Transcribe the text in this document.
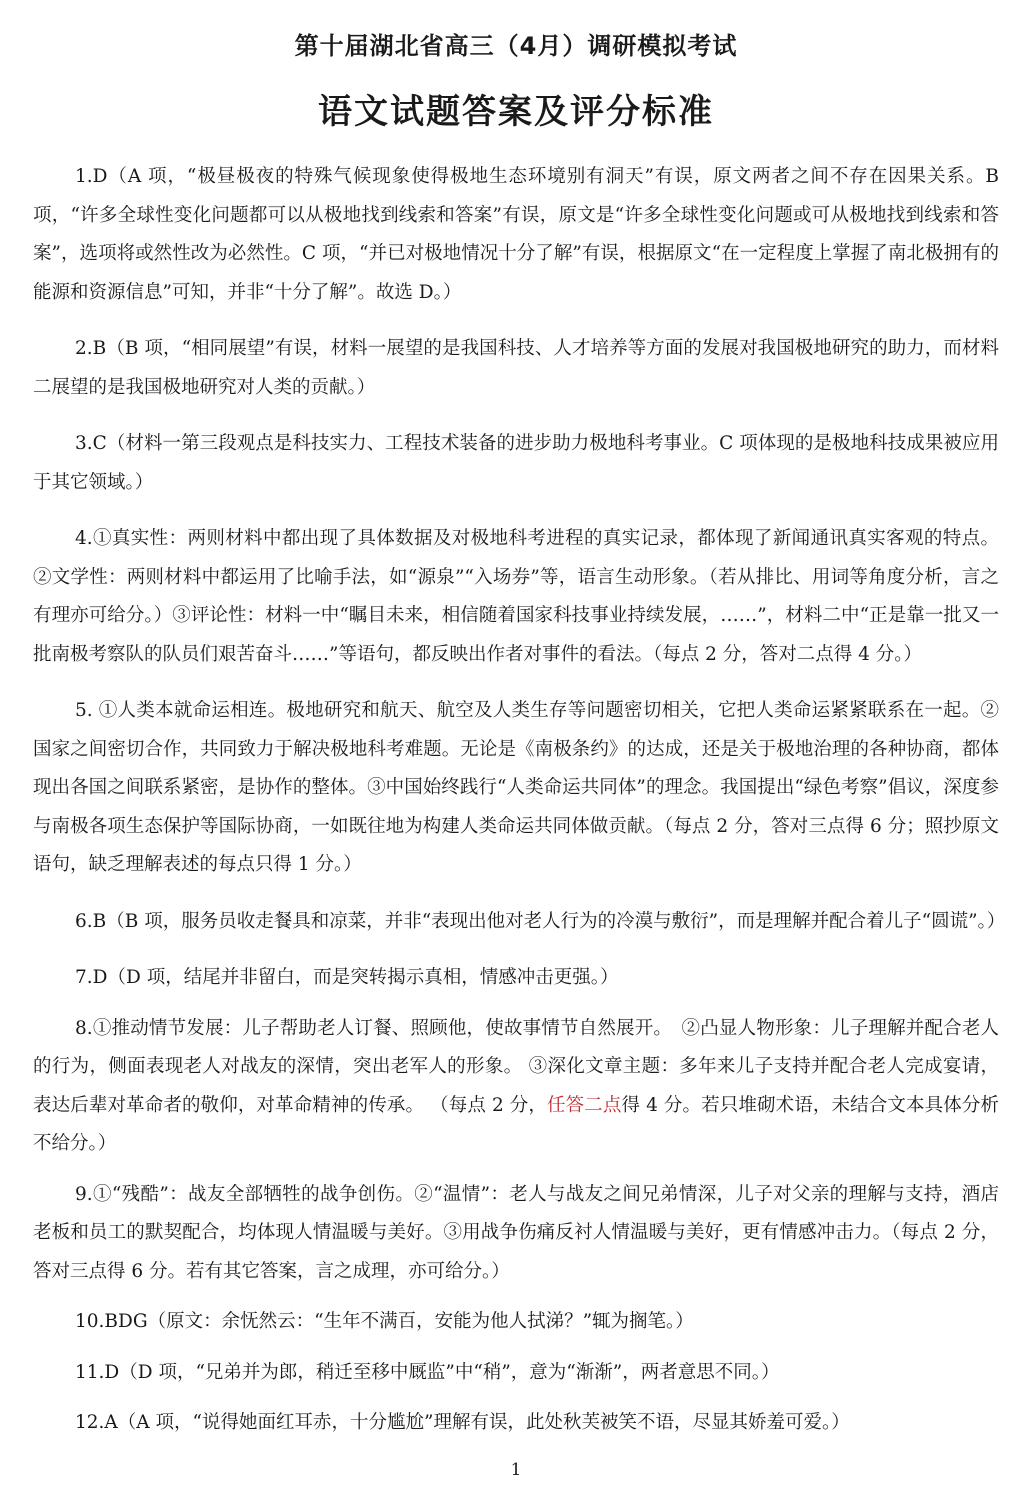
第十届湖北省高三（4月）调研模拟考试
语文试题答案及评分标准

1.D（A 项，“极昼极夜的特殊气候现象使得极地生态环境别有洞天”有误，原文两者之间不存在因果关系。B 项，“许多全球性变化问题都可以从极地找到线索和答案”有误，原文是“许多全球性变化问题或可从极地找到线索和答案”，选项将或然性改为必然性。C 项，“并已对极地情况十分了解”有误，根据原文“在一定程度上掌握了南北极拥有的能源和资源信息”可知，并非“十分了解”。故选 D。）

2.B（B 项，“相同展望”有误，材料一展望的是我国科技、人才培养等方面的发展对我国极地研究的助力，而材料二展望的是我国极地研究对人类的贡献。）

3.C（材料一第三段观点是科技实力、工程技术装备的进步助力极地科考事业。C 项体现的是极地科技成果被应用于其它领域。）

4.①真实性：两则材料中都出现了具体数据及对极地科考进程的真实记录，都体现了新闻通讯真实客观的特点。②文学性：两则材料中都运用了比喻手法，如“源泉”“入场券”等，语言生动形象。（若从排比、用词等角度分析，言之有理亦可给分。）③评论性：材料一中“瞩目未来，相信随着国家科技事业持续发展，……”，材料二中“正是靠一批又一批南极考察队的队员们艰苦奋斗……”等语句，都反映出作者对事件的看法。（每点 2 分，答对二点得 4 分。）

5. ①人类本就命运相连。极地研究和航天、航空及人类生存等问题密切相关，它把人类命运紧紧联系在一起。②国家之间密切合作，共同致力于解决极地科考难题。无论是《南极条约》的达成，还是关于极地治理的各种协商，都体现出各国之间联系紧密，是协作的整体。③中国始终践行“人类命运共同体”的理念。我国提出“绿色考察”倡议，深度参与南极各项生态保护等国际协商，一如既往地为构建人类命运共同体做贡献。（每点 2 分，答对三点得 6 分；照抄原文语句，缺乏理解表述的每点只得 1 分。）

6.B（B 项，服务员收走餐具和凉菜，并非“表现出他对老人行为的冷漠与敷衍”，而是理解并配合着儿子“圆谎”。）

7.D（D 项，结尾并非留白，而是突转揭示真相，情感冲击更强。）

8.①推动情节发展：儿子帮助老人订餐、照顾他，使故事情节自然展开。　②凸显人物形象：儿子理解并配合老人的行为，侧面表现老人对战友的深情，突出老军人的形象。 ③深化文章主题：多年来儿子支持并配合老人完成宴请，表达后辈对革命者的敬仰，对革命精神的传承。 （每点 2 分，任答二点得 4 分。若只堆砌术语，未结合文本具体分析不给分。）

9.①“残酷”：战友全部牺牲的战争创伤。②“温情”：老人与战友之间兄弟情深，儿子对父亲的理解与支持，酒店老板和员工的默契配合，均体现人情温暖与美好。③用战争伤痛反衬人情温暖与美好，更有情感冲击力。（每点 2 分，答对三点得 6 分。若有其它答案，言之成理，亦可给分。）

10.BDG（原文：余怃然云：“生年不满百，安能为他人拭涕？”辄为搁笔。）

11.D（D 项，“兄弟并为郎，稍迁至移中厩监”中“稍”，意为“渐渐”，两者意思不同。）

12.A（A 项，“说得她面红耳赤，十分尴尬”理解有误，此处秋芙被笑不语，尽显其娇羞可爱。）

1
